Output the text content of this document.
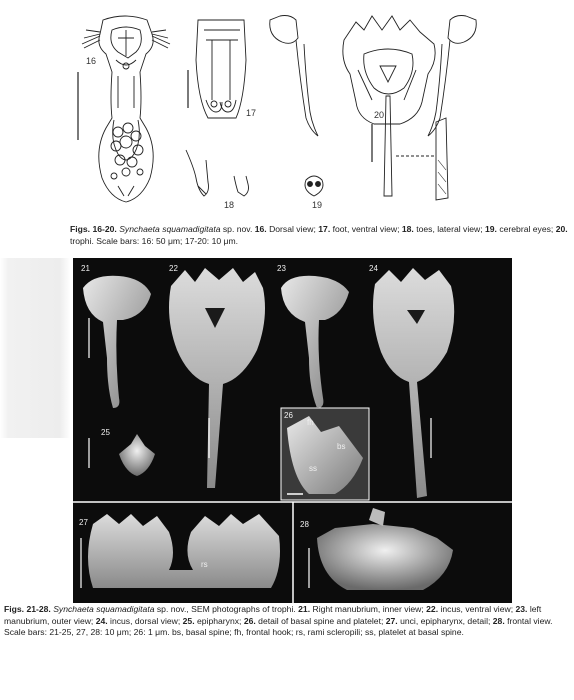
16
17
18	19
20
Figs. 16-20. Synchaeta squamadigitata sp. nov. 16. Dorsal view; 17. foot, ventral view; 18. toes, lateral view; 19. cerebral eyes; 20. trophi. Scale bars: 16: 50 μm; 17-20: 10 μm.
21	22	23	24
25
26
27	28
fh
bs
ss
rs
Figs. 21-28. Synchaeta squamadigitata sp. nov., SEM photographs of trophi. 21. Right manubrium, inner view; 22. incus, ventral view; 23. left manubrium, outer view; 24. incus, dorsal view; 25. epipharynx; 26. detail of basal spine and platelet; 27. unci, epipharynx, detail; 28. frontal view. Scale bars: 21-25, 27, 28: 10 μm; 26: 1 μm. bs, basal spine; fh, frontal hook; rs, rami scleropili; ss, platelet at basal spine.
